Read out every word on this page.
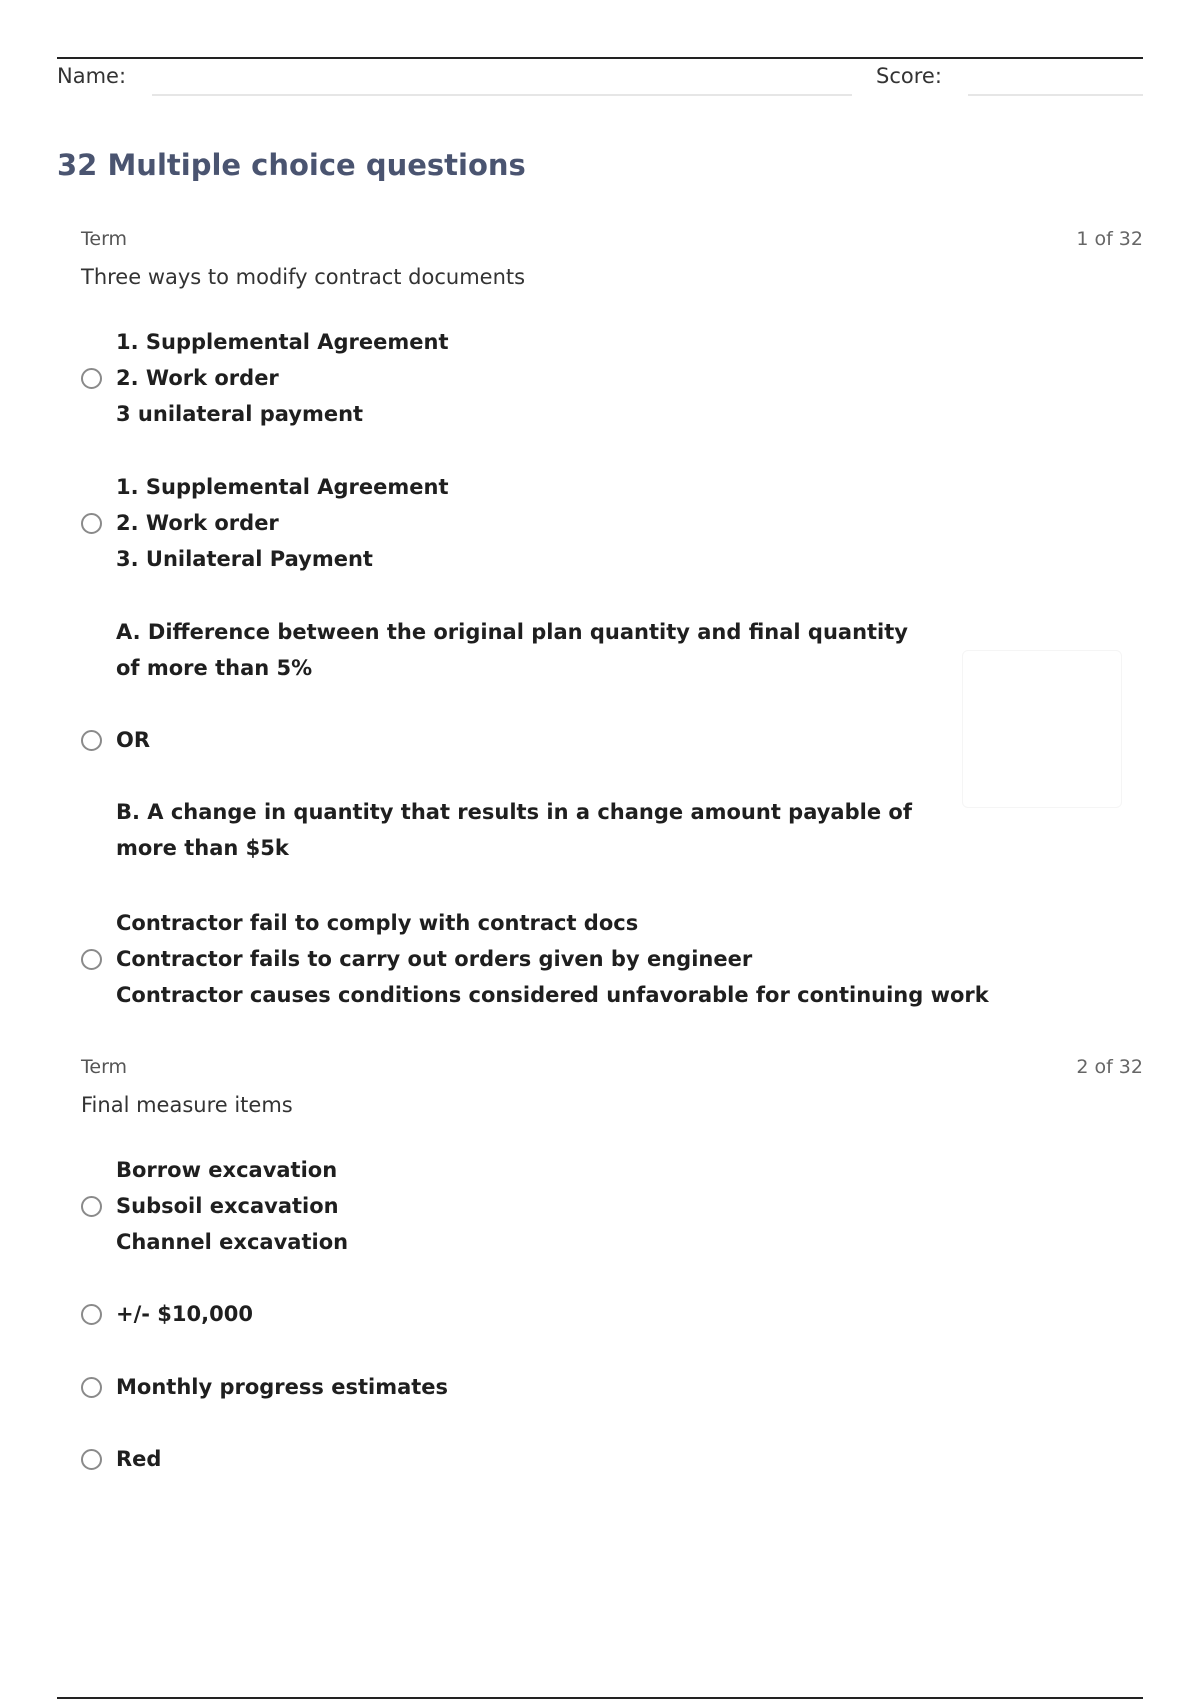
Name:	Score:
32 Multiple choice questions
Term	1 of 32
Three ways to modify contract documents
1. Supplemental Agreement
2. Work order
3 unilateral payment
1. Supplemental Agreement
2. Work order
3. Unilateral Payment
A. Difference between the original plan quantity and final quantity of more than 5%
OR
B. A change in quantity that results in a change amount payable of more than $5k
Contractor fail to comply with contract docs
Contractor fails to carry out orders given by engineer
Contractor causes conditions considered unfavorable for continuing work
Term	2 of 32
Final measure items
Borrow excavation
Subsoil excavation
Channel excavation
+/- $10,000
Monthly progress estimates
Red
